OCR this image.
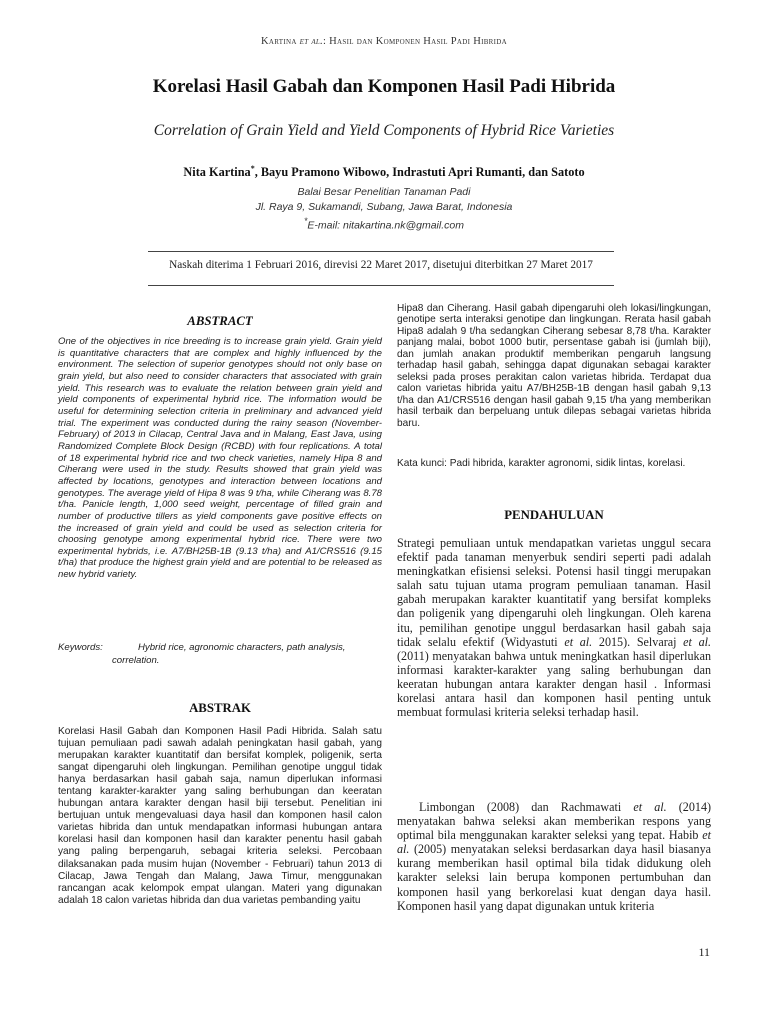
Kartina et al.: Hasil dan Komponen Hasil Padi Hibrida
Korelasi Hasil Gabah dan Komponen Hasil Padi Hibrida
Correlation of Grain Yield and Yield Components of Hybrid Rice Varieties
Nita Kartina*, Bayu Pramono Wibowo, Indrastuti Apri Rumanti, dan Satoto
Balai Besar Penelitian Tanaman Padi
Jl. Raya 9, Sukamandi, Subang, Jawa Barat, Indonesia
*E-mail: nitakartina.nk@gmail.com
Naskah diterima 1 Februari 2016, direvisi 22 Maret 2017, disetujui diterbitkan 27 Maret 2017
ABSTRACT
One of the objectives in rice breeding is to increase grain yield. Grain yield is quantitative characters that are complex and highly influenced by the environment. The selection of superior genotypes should not only base on grain yield, but also need to consider characters that associated with grain yield. This research was to evaluate the relation between grain yield and yield components of experimental hybrid rice. The information would be useful for determining selection criteria in preliminary and advanced yield trial. The experiment was conducted during the rainy season (November-February) of 2013 in Cilacap, Central Java and in Malang, East Java, using Randomized Complete Block Design (RCBD) with four replications. A total of 18 experimental hybrid rice and two check varieties, namely Hipa 8 and Ciherang were used in the study. Results showed that grain yield was affected by locations, genotypes and interaction between locations and genotypes. The average yield of Hipa 8 was 9 t/ha, while Ciherang was 8.78 t/ha. Panicle length, 1,000 seed weight, percentage of filled grain and number of productive tillers as yield components gave positive effects on the increased of grain yield and could be used as selection criteria for choosing genotype among experimental hybrid rice. There were two experimental hybrids, i.e. A7/BH25B-1B (9.13 t/ha) and A1/CRS516 (9.15 t/ha) that produce the highest grain yield and are potential to be released as new hybrid variety.
Keywords:	Hybrid rice, agronomic characters, path analysis,
correlation.
ABSTRAK
Korelasi Hasil Gabah dan Komponen Hasil Padi Hibrida. Salah satu tujuan pemuliaan padi sawah adalah peningkatan hasil gabah, yang merupakan karakter kuantitatif dan bersifat komplek, poligenik, serta sangat dipengaruhi oleh lingkungan. Pemilihan genotipe unggul tidak hanya berdasarkan hasil gabah saja, namun diperlukan informasi tentang karakter-karakter yang saling berhubungan dan keeratan hubungan antara karakter dengan hasil biji tersebut. Penelitian ini bertujuan untuk mengevaluasi daya hasil dan komponen hasil calon varietas hibrida dan untuk mendapatkan informasi hubungan antara korelasi hasil dan komponen hasil dan karakter penentu hasil gabah yang paling berpengaruh, sebagai kriteria seleksi. Percobaan dilaksanakan pada musim hujan (November - Februari) tahun 2013 di Cilacap, Jawa Tengah dan Malang, Jawa Timur, menggunakan rancangan acak kelompok empat ulangan. Materi yang digunakan adalah 18 calon varietas hibrida dan dua varietas pembanding yaitu
Hipa8 dan Ciherang. Hasil gabah dipengaruhi oleh lokasi/lingkungan, genotipe serta interaksi genotipe dan lingkungan. Rerata hasil gabah Hipa8 adalah 9 t/ha sedangkan Ciherang sebesar 8,78 t/ha. Karakter panjang malai, bobot 1000 butir, persentase gabah isi (jumlah biji), dan jumlah anakan produktif memberikan pengaruh langsung terhadap hasil gabah, sehingga dapat digunakan sebagai karakter seleksi pada proses perakitan calon varietas hibrida. Terdapat dua calon varietas hibrida yaitu A7/BH25B-1B dengan hasil gabah 9,13 t/ha dan A1/CRS516 dengan hasil gabah 9,15 t/ha yang memberikan hasil terbaik dan berpeluang untuk dilepas sebagai varietas hibrida baru.
Kata kunci: Padi hibrida, karakter agronomi, sidik lintas, korelasi.
PENDAHULUAN
Strategi pemuliaan untuk mendapatkan varietas unggul secara efektif pada tanaman menyerbuk sendiri seperti padi adalah meningkatkan efisiensi seleksi. Potensi hasil tinggi merupakan salah satu tujuan utama program pemuliaan tanaman. Hasil gabah merupakan karakter kuantitatif yang bersifat kompleks dan poligenik yang dipengaruhi oleh lingkungan. Oleh karena itu, pemilihan genotipe unggul berdasarkan hasil gabah saja tidak selalu efektif (Widyastuti et al. 2015). Selvaraj et al. (2011) menyatakan bahwa untuk meningkatkan hasil diperlukan informasi karakter-karakter yang saling berhubungan dan keeratan hubungan antara karakter dengan hasil . Informasi korelasi antara hasil dan komponen hasil penting untuk membuat formulasi kriteria seleksi terhadap hasil.
Limbongan (2008) dan Rachmawati et al. (2014) menyatakan bahwa seleksi akan memberikan respons yang optimal bila menggunakan karakter seleksi yang tepat. Habib et al. (2005) menyatakan seleksi berdasarkan daya hasil biasanya kurang memberikan hasil optimal bila tidak didukung oleh karakter seleksi lain berupa komponen pertumbuhan dan komponen hasil yang berkorelasi kuat dengan daya hasil. Komponen hasil yang dapat digunakan untuk kriteria
11
